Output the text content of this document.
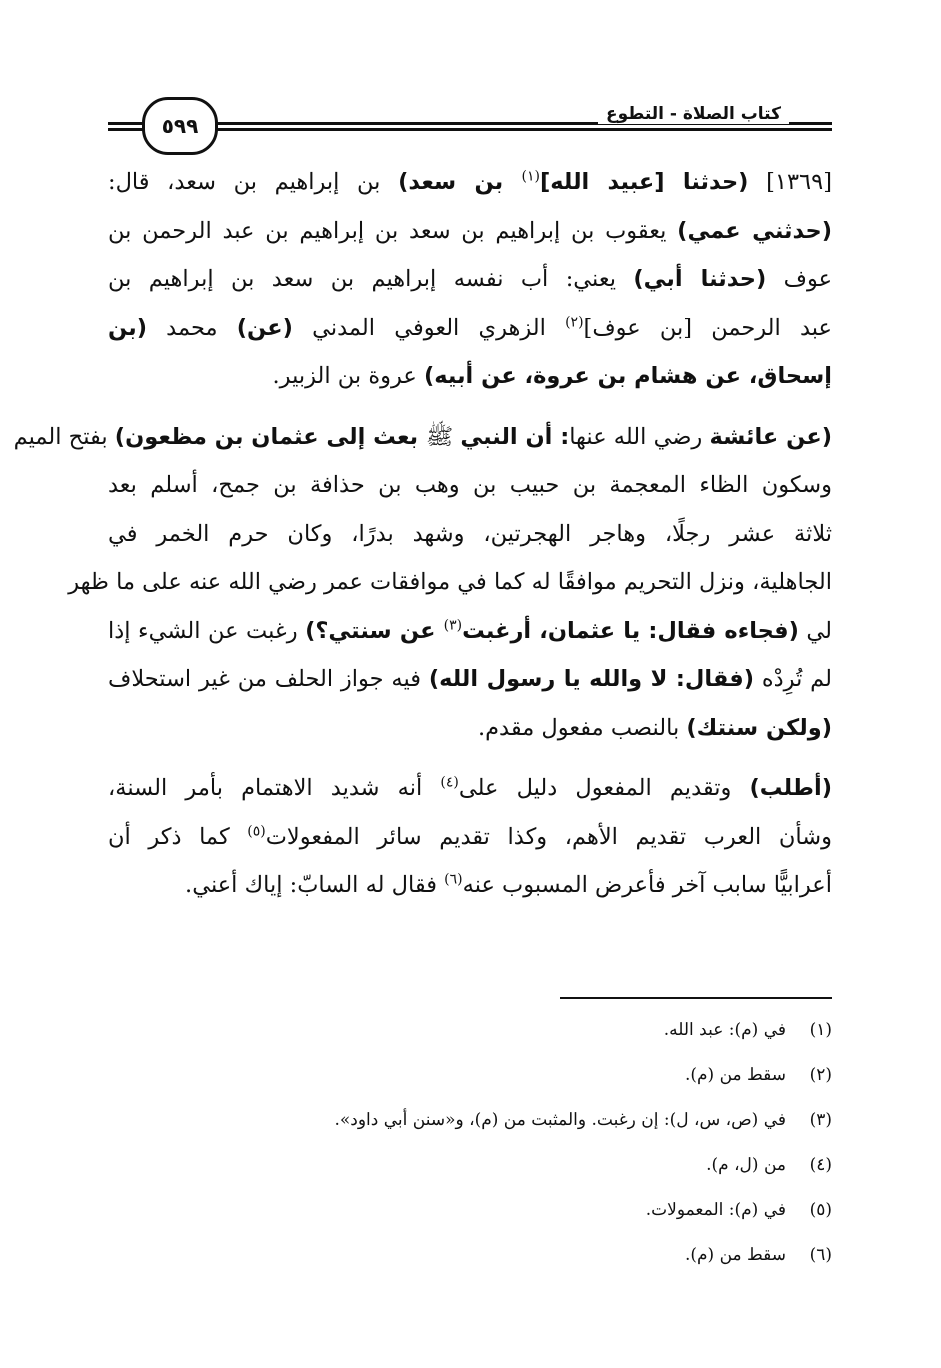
كتاب الصلاة - التطوع
٥٩٩
[١٣٦٩] (حدثنا [عبيد الله]$^{(١)}$ بن سعد) بن إبراهيم بن سعد، قال:
(حدثني عمي) يعقوب بن إبراهيم بن سعد بن إبراهيم بن عبد الرحمن بن
عوف (حدثنا أبي) يعني: أب نفسه إبراهيم بن سعد بن إبراهيم بن
عبد الرحمن [بن عوف]$^{(٢)}$ الزهري العوفي المدني (عن) محمد (بن
إسحاق، عن هشام بن عروة، عن أبيه) عروة بن الزبير.
(عن عائشة رضي الله عنها: أن النبي ﷺ بعث إلى عثمان بن مظعون) بفتح الميم
وسكون الظاء المعجمة بن حبيب بن وهب بن حذافة بن جمح، أسلم بعد
ثلاثة عشر رجلًا، وهاجر الهجرتين، وشهد بدرًا، وكان حرم الخمر في
الجاهلية، ونزل التحريم موافقًا له كما في موافقات عمر رضي الله عنه على ما ظهر
لي (فجاءه فقال: يا عثمان، أرغبت$^{(٣)}$ عن سنتي؟) رغبت عن الشيء إذا
لم تُرِدْه (فقال: لا والله يا رسول الله) فيه جواز الحلف من غير استحلاف
(ولكن سنتك) بالنصب مفعول مقدم.
(أطلب) وتقديم المفعول دليل على$^{(٤)}$ أنه شديد الاهتمام بأمر السنة،
وشأن العرب تقديم الأهم، وكذا تقديم سائر المفعولات$^{(٥)}$ كما ذكر أن
أعرابيًّا سابب آخر فأعرض المسبوب عنه$^{(٦)}$ فقال له السابّ: إياك أعني.
(١)في (م): عبد الله.
(٢)سقط من (م).
(٣)في (ص، س، ل): إن رغبت. والمثبت من (م)، و«سنن أبي داود».
(٤)من (ل، م).
(٥)في (م): المعمولات.
(٦)سقط من (م).
